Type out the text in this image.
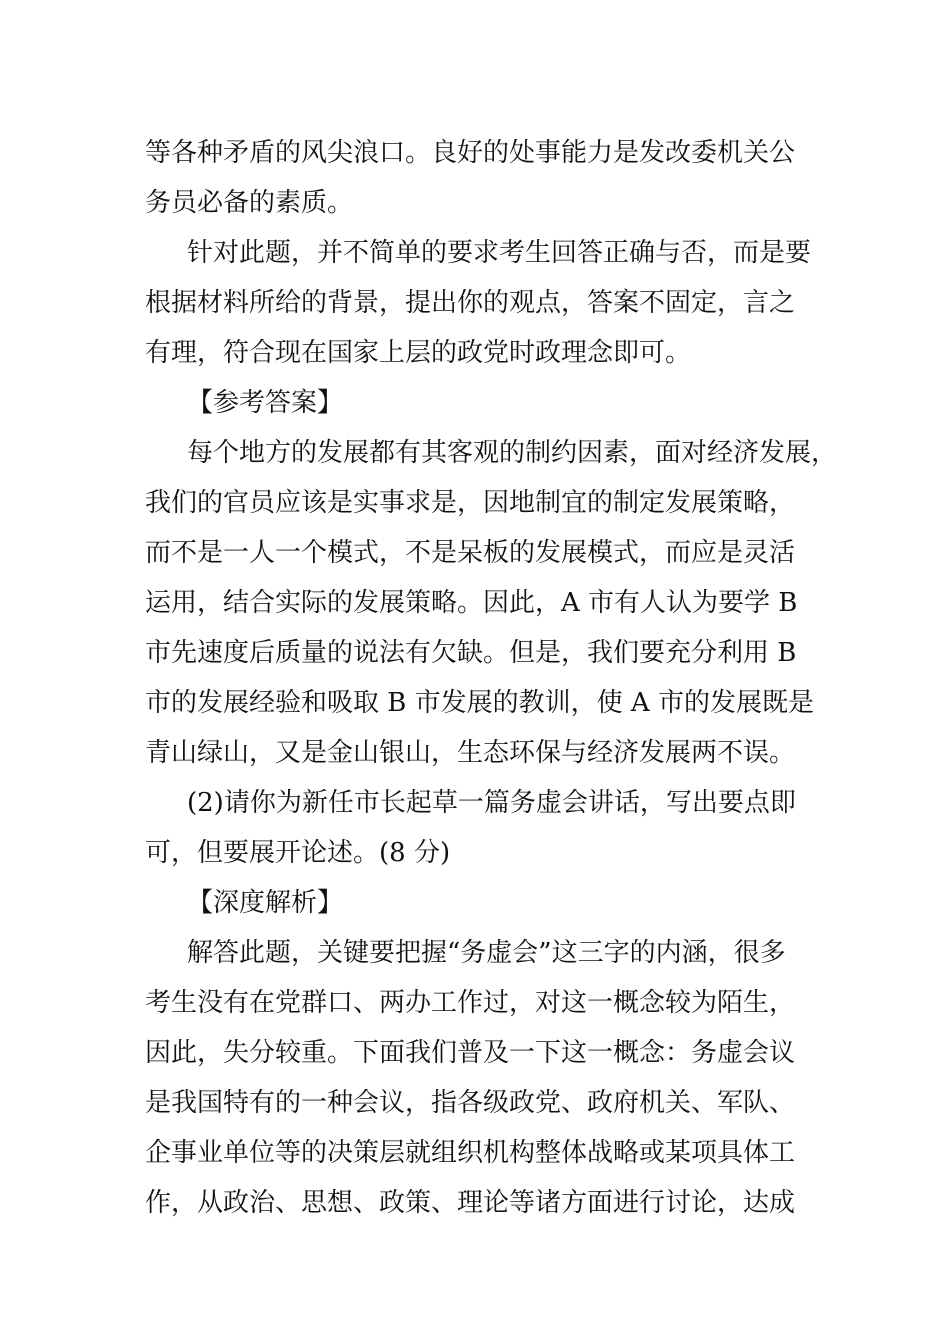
等各种矛盾的风尖浪口。良好的处事能力是发改委机关公
务员必备的素质。
针对此题，并不简单的要求考生回答正确与否，而是要
根据材料所给的背景，提出你的观点，答案不固定，言之
有理，符合现在国家上层的政党时政理念即可。
【参考答案】
每个地方的发展都有其客观的制约因素，面对经济发展，
我们的官员应该是实事求是，因地制宜的制定发展策略，
而不是一人一个模式，不是呆板的发展模式，而应是灵活
运用，结合实际的发展策略。因此，A 市有人认为要学 B
市先速度后质量的说法有欠缺。但是，我们要充分利用 B
市的发展经验和吸取 B 市发展的教训，使 A 市的发展既是
青山绿山，又是金山银山，生态环保与经济发展两不误。
(2)请你为新任市长起草一篇务虚会讲话，写出要点即
可，但要展开论述。(8 分)
【深度解析】
解答此题，关键要把握“务虚会”这三字的内涵，很多
考生没有在党群口、两办工作过，对这一概念较为陌生，
因此，失分较重。下面我们普及一下这一概念：务虚会议
是我国特有的一种会议，指各级政党、政府机关、军队、
企事业单位等的决策层就组织机构整体战略或某项具体工
作，从政治、思想、政策、理论等诸方面进行讨论，达成
